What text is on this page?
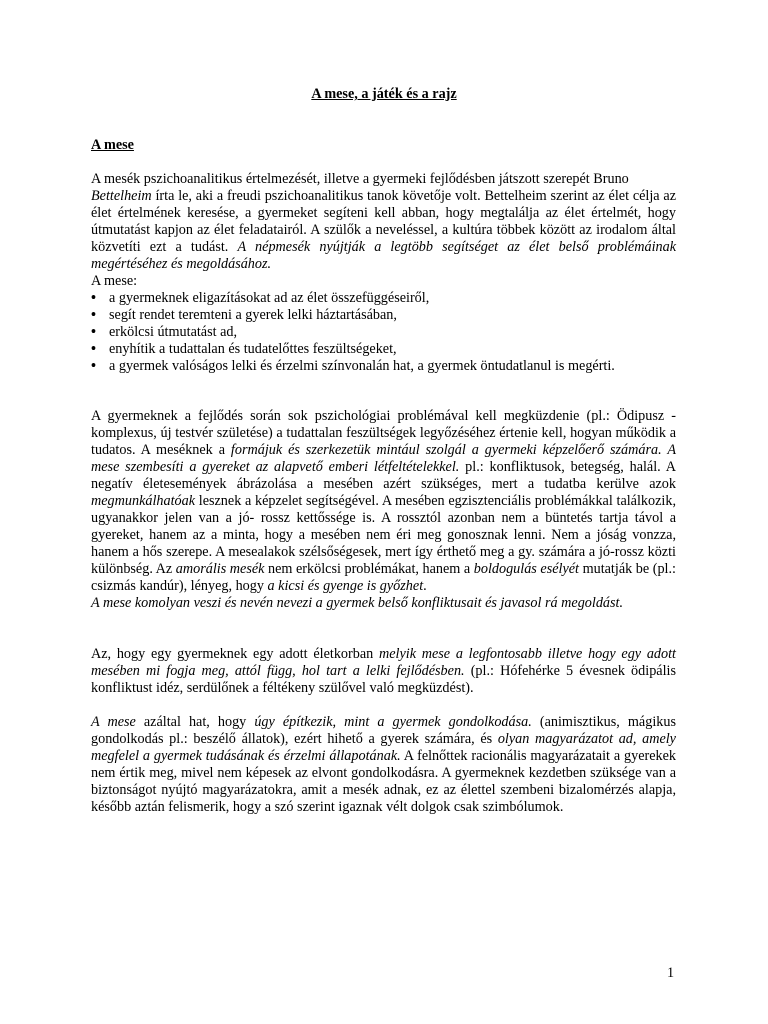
A mese, a játék és a rajz
A mese

A mesék pszichoanalitikus értelmezését, illetve a gyermeki fejlődésben játszott szerepét Bruno

Bettelheim írta le, aki a freudi pszichoanalitikus tanok követője volt. Bettelheim szerint az élet célja az élet értelmének keresése, a gyermeket segíteni kell abban, hogy megtalálja az élet értelmét, hogy útmutatást kapjon az élet feladatairól. A szülők a neveléssel, a kultúra többek között az irodalom által közvetíti ezt a tudást. A népmesék nyújtják a legtöbb segítséget az élet belső problémáinak megértéséhez és megoldásához.

A mese:

• a gyermeknek eligazításokat ad az élet összefüggéseiről,
• segít rendet teremteni a gyerek lelki háztartásában,
• erkölcsi útmutatást ad,
• enyhítik a tudattalan és tudatelőttes feszültségeket,
• a gyermek valóságos lelki és érzelmi színvonalán hat, a gyermek öntudatlanul is megérti.

A gyermeknek a fejlődés során sok pszichológiai problémával kell megküzdenie (pl.: Ödipusz - komplexus, új testvér születése) a tudattalan feszültségek legyőzéséhez értenie kell, hogyan működik a tudatos. A meséknek a formájuk és szerkezetük mintául szolgál a gyermeki képzelőerő számára. A mese szembesíti a gyereket az alapvető emberi létfeltételekkel. pl.: konfliktusok, betegség, halál. A negatív életesemények ábrázolása a mesében azért szükséges, mert a tudatba kerülve azok megmunkálhatóak lesznek a képzelet segítségével. A mesében egzisztenciális problémákkal találkozik, ugyanakkor jelen van a jó- rossz kettőssége is. A rossztól azonban nem a büntetés tartja távol a gyereket, hanem az a minta, hogy a mesében nem éri meg gonosznak lenni. Nem a jóság vonzza, hanem a hős szerepe. A mesealakok szélsőségesek, mert így érthető meg a gy. számára a jó-rossz közti különbség. Az amorális mesék nem erkölcsi problémákat, hanem a boldogulás esélyét mutatják be (pl.: csizmás kandúr), lényeg, hogy a kicsi és gyenge is győzhet.

A mese komolyan veszi és nevén nevezi a gyermek belső konfliktusait és javasol rá megoldást.

Az, hogy egy gyermeknek egy adott életkorban melyik mese a legfontosabb illetve hogy egy adott mesében mi fogja meg, attól függ, hol tart a lelki fejlődésben. (pl.: Hófehérke 5 évesnek ödipális konfliktust idéz, serdülőnek a féltékeny szülővel való megküzdést).

A mese azáltal hat, hogy úgy építkezik, mint a gyermek gondolkodása. (animisztikus, mágikus gondolkodás pl.: beszélő állatok), ezért hihető a gyerek számára, és olyan magyarázatot ad, amely megfelel a gyermek tudásának és érzelmi állapotának. A felnőttek racionális magyarázatait a gyerekek nem értik meg, mivel nem képesek az elvont gondolkodásra. A gyermeknek kezdetben szüksége van a biztonságot nyújtó magyarázatokra, amit a mesék adnak, ez az élettel szembeni bizalomérzés alapja, később aztán felismerik, hogy a szó szerint igaznak vélt dolgok csak szimbólumok.

1
